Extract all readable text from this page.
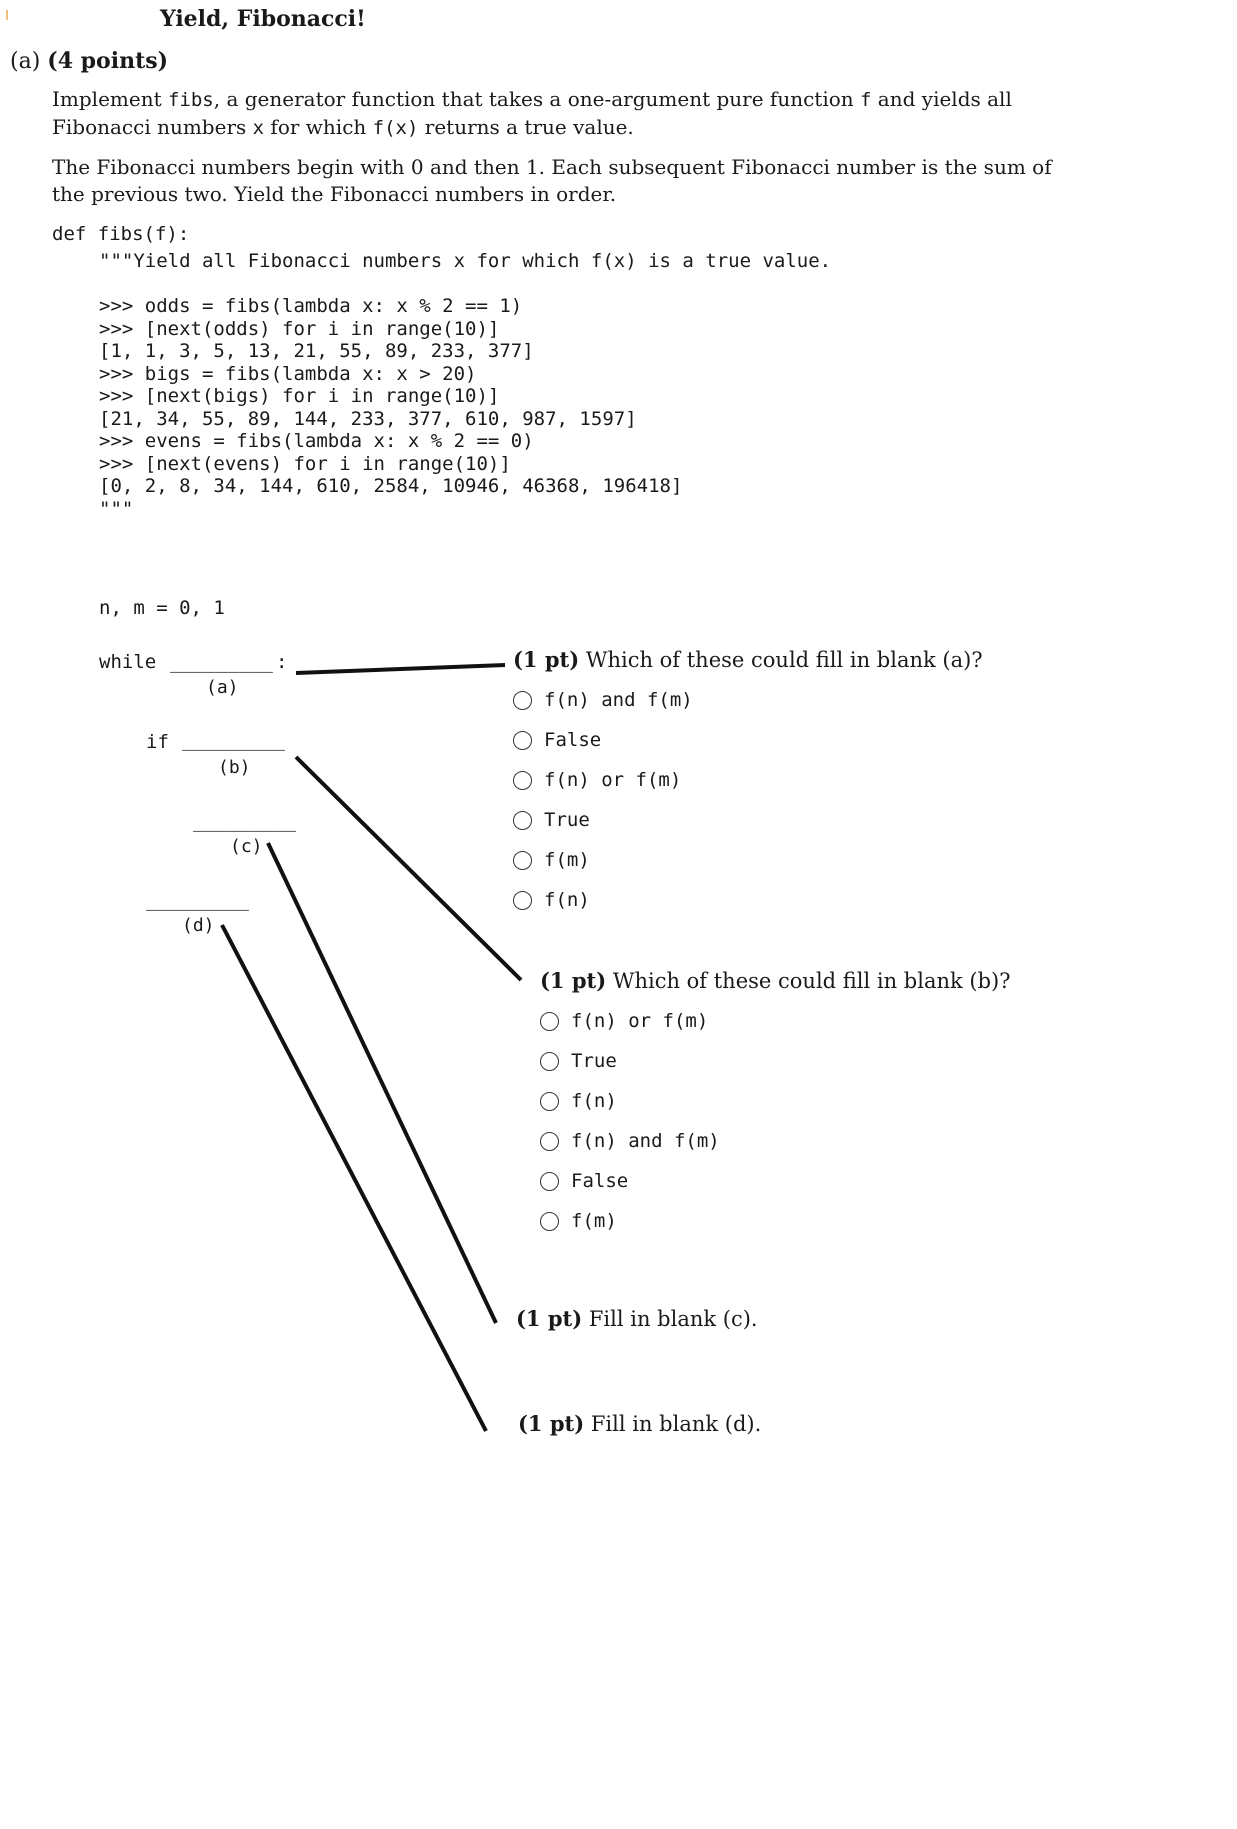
Yield, Fibonacci!
(a) (4 points)
Implement fibs, a generator function that takes a one-argument pure function f and yields all Fibonacci numbers x for which f(x) returns a true value.
The Fibonacci numbers begin with 0 and then 1. Each subsequent Fibonacci number is the sum of the previous two. Yield the Fibonacci numbers in order.
def fibs(f):
"""Yield all Fibonacci numbers x for which f(x) is a true value.

>>> odds = fibs(lambda x: x % 2 == 1)
>>> [next(odds) for i in range(10)]
[1, 1, 3, 5, 13, 21, 55, 89, 233, 377]
>>> bigs = fibs(lambda x: x > 20)
>>> [next(bigs) for i in range(10)]
[21, 34, 55, 89, 144, 233, 377, 610, 987, 1597]
>>> evens = fibs(lambda x: x % 2 == 0)
>>> [next(evens) for i in range(10)]
[0, 2, 8, 34, 144, 610, 2584, 10946, 46368, 196418]
"""
n, m = 0, 1
while _________ :
(a)
if _________
(b)
_________
(c)
_________
(d)
(1 pt) Which of these could fill in blank (a)?
f(n) and f(m)
False
f(n) or f(m)
True
f(m)
f(n)
(1 pt) Which of these could fill in blank (b)?
f(n) or f(m)
True
f(n)
f(n) and f(m)
False
f(m)
(1 pt) Fill in blank (c).
(1 pt) Fill in blank (d).
